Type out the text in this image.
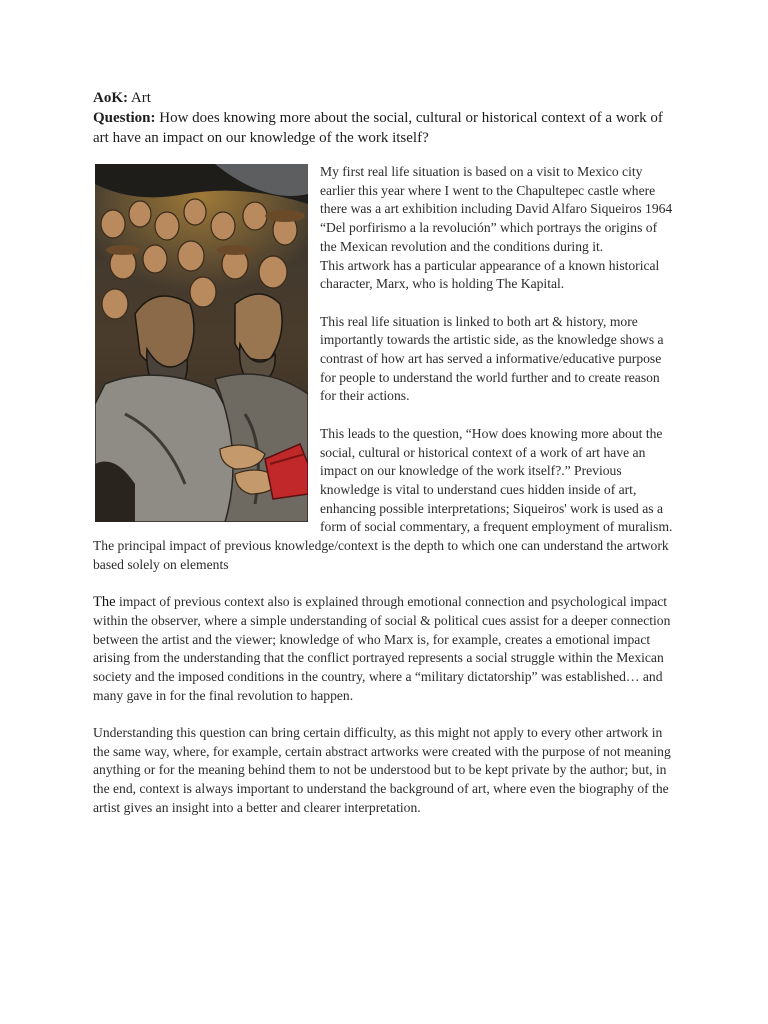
AoK: Art
Question: How does knowing more about the social, cultural or historical context of a work of art have an impact on our knowledge of the work itself?

My first real life situation is based on a visit to Mexico city earlier this year where I went to the Chapultepec castle where there was a art exhibition including David Alfaro Siqueiros 1964 “Del porfirismo a la revolución” which portrays the origins of the Mexican revolution and the conditions during it.

This artwork has a particular appearance of a known historical character, Marx, who is holding The Kapital.

This real life situation is linked to both art & history, more importantly towards the artistic side, as the knowledge shows a contrast of how art has served a informative/educative purpose for people to understand the world further and to create reason for their actions.

This leads to the question, “How does knowing more about the social, cultural or historical context of a work of art have an impact on our knowledge of the work itself?.” Previous knowledge is vital to understand cues hidden inside of art, enhancing possible interpretations; Siqueiros' work is used as a form of social commentary, a frequent employment of muralism.

The principal impact of previous knowledge/context is the depth to which one can understand the artwork based solely on elements

The impact of previous context also is explained through emotional connection and psychological impact within the observer, where a simple understanding of social & political cues assist for a deeper connection between the artist and the viewer; knowledge of who Marx is, for example, creates a emotional impact arising from the understanding that the conflict portrayed represents a social struggle within the Mexican society and the imposed conditions in the country, where a “military dictatorship” was established… and many gave in for the final revolution to happen.

Understanding this question can bring certain difficulty, as this might not apply to every other artwork in the same way, where, for example, certain abstract artworks were created with the purpose of not meaning anything or for the meaning behind them to not be understood but to be kept private by the author; but, in the end, context is always important to understand the background of art, where even the biography of the artist gives an insight into a better and clearer interpretation.
